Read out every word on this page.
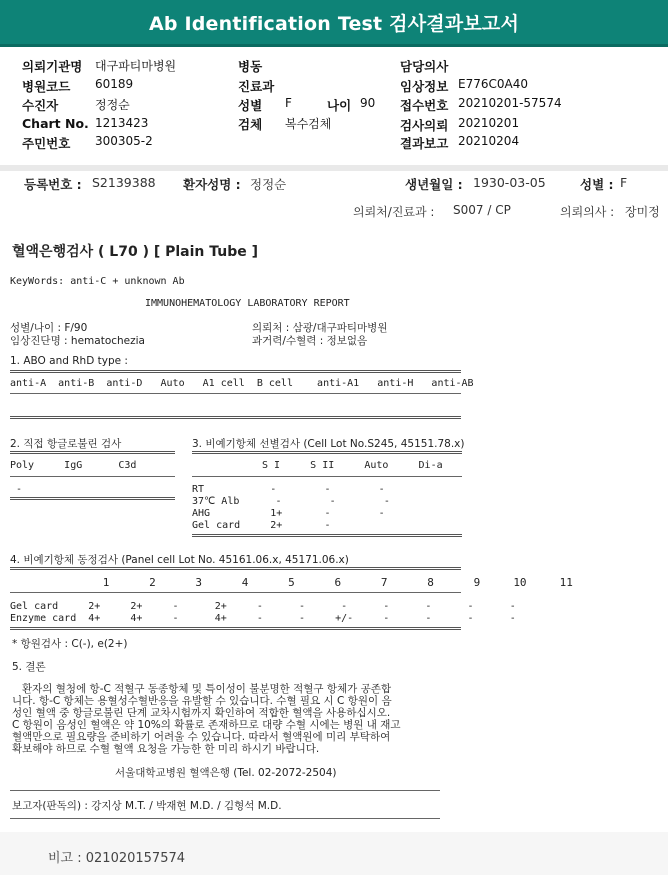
Ab Identification Test 검사결과보고서
의뢰기관명 대구파티마병원
병원코드 60189
수진자	정정순
Chart No. 1213423
주민번호 300305-2
병동
진료과
성별 F	나이 90
검체 복수검체
담당의사
임상정보 E776C0A40
접수번호 20210201-57574
검사의뢰 20210201
결과보고 20210204
등록번호 : S2139388 환자성명 : 정정순	생년월일 : 1930-03-05	성별 : F
의뢰처/진료과 : S007 / CP	의뢰의사 : 장미정
혈액은행검사 ( L70 ) [ Plain Tube ]
KeyWords: anti-C + unknown Ab
IMMUNOHEMATOLOGY LABORATORY REPORT
성별/나이 : F/90
임상진단명 : hematochezia
의뢰처 : 삼광/대구파티마병원
과거력/수혈력 : 정보없음
1. ABO and RhD type :
anti-A  anti-B  anti-D   Auto   A1 cell  B cell    anti-A1   anti-H   anti-AB
2. 직접 항글로불린 검사
Poly     IgG      C3d
-
3. 비예기항체 선별검사 (Cell Lot No.S245, 45151.78.x)
S I     S II     Auto     Di-a
RT           -        -        -
37℃ Alb      -        -        -
AHG          1+       -        -
Gel card     2+       -
4. 비예기항체 동정검사 (Panel cell Lot No. 45161.06.x, 45171.06.x)
1      2      3      4      5      6      7      8      9     10     11
Gel card     2+     2+     -      2+     -      -      -      -      -      -      -
Enzyme card  4+     4+     -      4+     -      -     +/-     -      -      -      -
* 항원검사 : C(-), e(2+)
5. 결론
환자의 혈청에 항-C 적혈구 동종항체 및 특이성이 불분명한 적혈구 항체가 공존합
니다. 항-C 항체는 용혈성수혈반응을 유발할 수 있습니다. 수혈 필요 시 C 항원이 음
성인 혈액 중 항글로불린 단계 교차시험까지 확인하여 적합한 혈액을 사용하십시오.
C 항원이 음성인 혈액은 약 10%의 확률로 존재하므로 대량 수혈 시에는 병원 내 재고
혈액만으로 필요량을 준비하기 어려울 수 있습니다. 따라서 혈액원에 미리 부탁하여
확보해야 하므로 수혈 혈액 요청을 가능한 한 미리 하시기 바랍니다.
서울대학교병원 혈액은행 (Tel. 02-2072-2504)
보고자(판독의) : 강지상 M.T. / 박재현 M.D. / 김형석 M.D.
비고 : 021020157574
